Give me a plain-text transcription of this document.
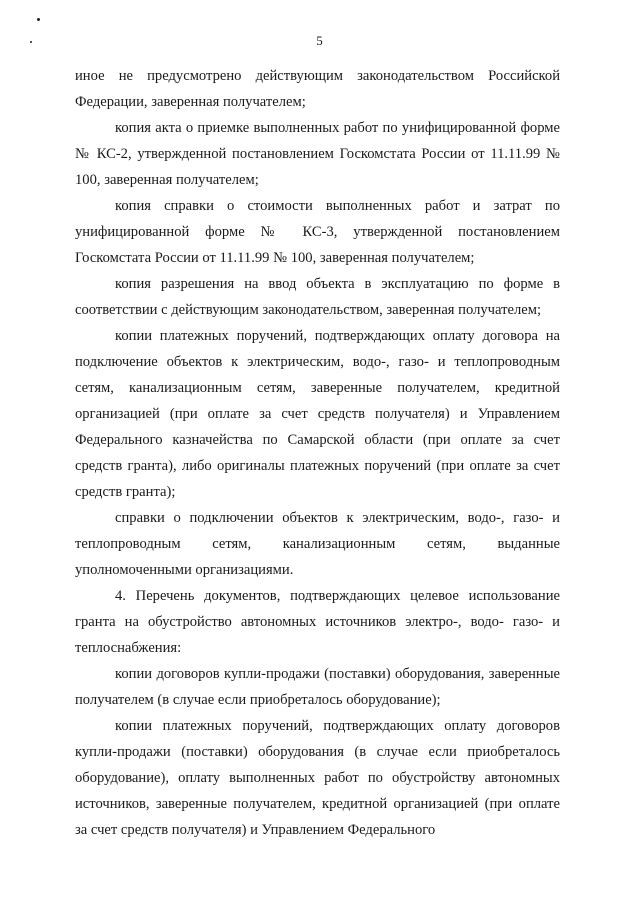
5

иное не предусмотрено действующим законодательством Российской Федерации, заверенная получателем;

копия акта о приемке выполненных работ по унифицированной форме № КС-2, утвержденной постановлением Госкомстата России от 11.11.99 № 100, заверенная получателем;

копия справки о стоимости выполненных работ и затрат по унифицированной форме № КС-3, утвержденной постановлением Госкомстата России от 11.11.99 № 100, заверенная получателем;

копия разрешения на ввод объекта в эксплуатацию по форме в соответствии с действующим законодательством, заверенная получателем;

копии платежных поручений, подтверждающих оплату договора на подключение объектов к электрическим, водо-, газо- и теплопроводным сетям, канализационным сетям, заверенные получателем, кредитной организацией (при оплате за счет средств получателя) и Управлением Федерального казначейства по Самарской области (при оплате за счет средств гранта), либо оригиналы платежных поручений (при оплате за счет средств гранта);

справки о подключении объектов к электрическим, водо-, газо- и теплопроводным сетям, канализационным сетям, выданные уполномоченными организациями.

4. Перечень документов, подтверждающих целевое использование гранта на обустройство автономных источников электро-, водо- газо- и теплоснабжения:

копии договоров купли-продажи (поставки) оборудования, заверенные получателем (в случае если приобреталось оборудование);

копии платежных поручений, подтверждающих оплату договоров купли-продажи (поставки) оборудования (в случае если приобреталось оборудование), оплату выполненных работ по обустройству автономных источников, заверенные получателем, кредитной организацией (при оплате за счет средств получателя) и Управлением Федерального
